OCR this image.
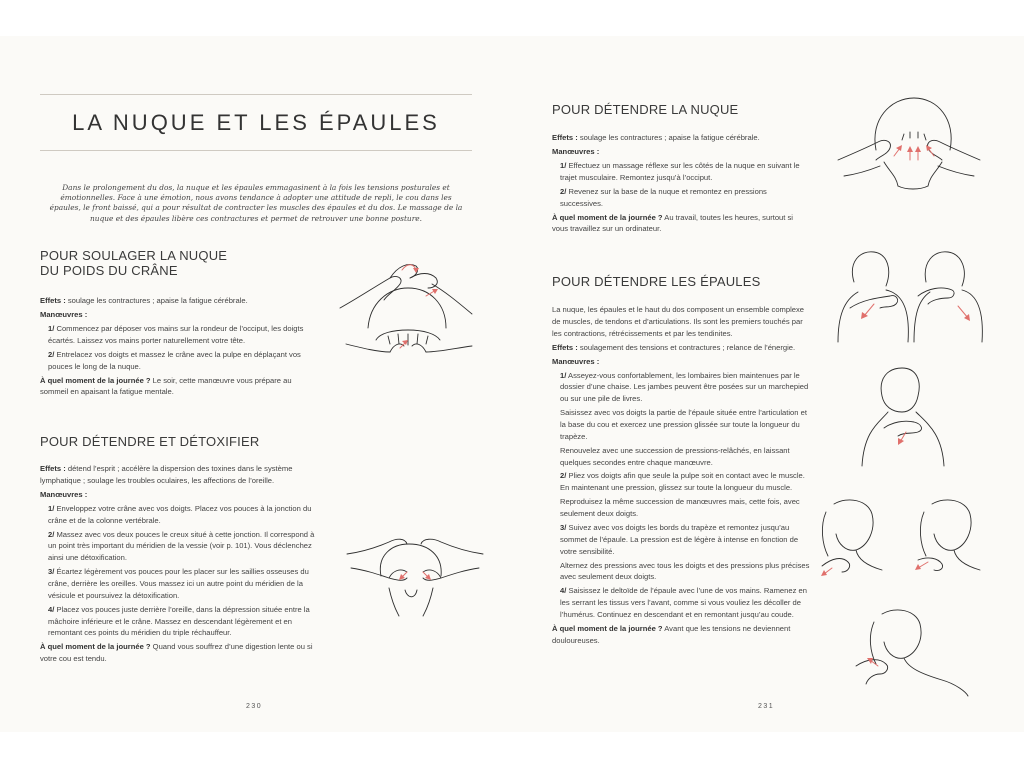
LA NUQUE ET LES ÉPAULES

Dans le prolongement du dos, la nuque et les épaules emmagasinent à la fois les tensions posturales et émotionnelles. Face à une émotion, nous avons tendance à adopter une attitude de repli, le cou dans les épaules, le front baissé, qui a pour résultat de contracter les muscles des épaules et du dos. Le massage de la nuque et des épaules libère ces contractures et permet de retrouver une bonne posture.

POUR SOULAGER LA NUQUE
DU POIDS DU CRÂNE

Effets : soulage les contractures ; apaise la fatigue cérébrale.

Manœuvres :

1/ Commencez par déposer vos mains sur la rondeur de l’occiput, les doigts écartés. Laissez vos mains porter naturellement votre tête.

2/ Entrelacez vos doigts et massez le crâne avec la pulpe en déplaçant vos pouces le long de la nuque.

À quel moment de la journée ? Le soir, cette manœuvre vous prépare au sommeil en apaisant la fatigue mentale.

POUR DÉTENDRE ET DÉTOXIFIER

Effets : détend l’esprit ; accélère la dispersion des toxines dans le système lymphatique ; soulage les troubles oculaires, les affections de l’oreille.

Manœuvres :

1/ Enveloppez votre crâne avec vos doigts. Placez vos pouces à la jonction du crâne et de la colonne vertébrale.

2/ Massez avec vos deux pouces le creux situé à cette jonction. Il correspond à un point très important du méridien de la vessie (voir p. 101). Vous déclenchez ainsi une détoxification.

3/ Écartez légèrement vos pouces pour les placer sur les saillies osseuses du crâne, derrière les oreilles. Vous massez ici un autre point du méridien de la vésicule et poursuivez la détoxification.

4/ Placez vos pouces juste derrière l’oreille, dans la dépression située entre la mâchoire inférieure et le crâne. Massez en descendant légèrement et en remontant ces points du méridien du triple réchauffeur.

À quel moment de la journée ? Quand vous souffrez d’une digestion lente ou si votre cou est tendu.

230
POUR DÉTENDRE LA NUQUE

Effets : soulage les contractures ; apaise la fatigue cérébrale.

Manœuvres :

1/ Effectuez un massage réflexe sur les côtés de la nuque en suivant le trajet musculaire. Remontez jusqu’à l’occiput.

2/ Revenez sur la base de la nuque et remontez en pressions successives.

À quel moment de la journée ? Au travail, toutes les heures, surtout si vous travaillez sur un ordinateur.

POUR DÉTENDRE LES ÉPAULES

La nuque, les épaules et le haut du dos composent un ensemble complexe de muscles, de tendons et d’articulations. Ils sont les premiers touchés par les contractions, rétrécissements et par les tendinites.

Effets : soulagement des tensions et contractures ; relance de l’énergie.

Manœuvres :

1/ Asseyez-vous confortablement, les lombaires bien maintenues par le dossier d’une chaise. Les jambes peuvent être posées sur un marchepied ou sur une pile de livres.

Saisissez avec vos doigts la partie de l’épaule située entre l’articulation et la base du cou et exercez une pression glissée sur toute la longueur du trapèze.

Renouvelez avec une succession de pressions-relâchés, en laissant quelques secondes entre chaque manœuvre.

2/ Pliez vos doigts afin que seule la pulpe soit en contact avec le muscle. En maintenant une pression, glissez sur toute la longueur du muscle.

Reproduisez la même succession de manœuvres mais, cette fois, avec seulement deux doigts.

3/ Suivez avec vos doigts les bords du trapèze et remontez jusqu’au sommet de l’épaule. La pression est de légère à intense en fonction de votre sensibilité.

Alternez des pressions avec tous les doigts et des pressions plus précises avec seulement deux doigts.

4/ Saisissez le deltoïde de l’épaule avec l’une de vos mains. Ramenez en les serrant les tissus vers l’avant, comme si vous vouliez les décoller de l’humérus. Continuez en descendant et en remontant jusqu’au coude.

À quel moment de la journée ? Avant que les tensions ne deviennent douloureuses.

231
